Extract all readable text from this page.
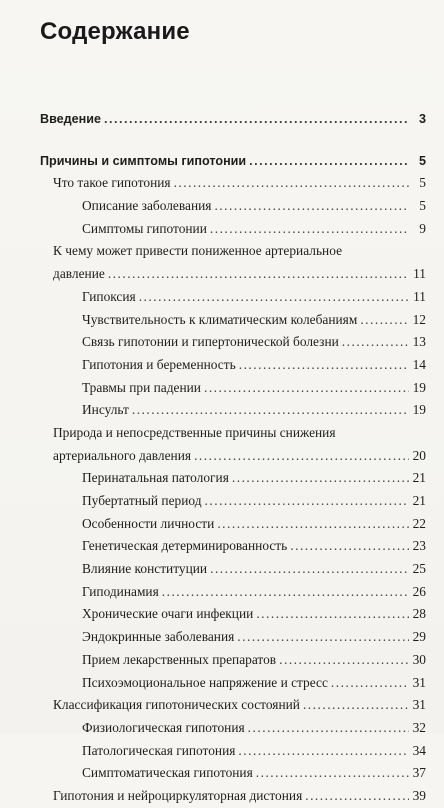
Содержание
Введение .....	3
Причины и симптомы гипотонии .....	5
Что такое гипотония .....	5
Описание заболевания .....	5
Симптомы гипотонии .....	9
К чему может привести пониженное артериальное
давление .....	11
Гипоксия .....	11
Чувствительность к климатическим колебаниям .....	12
Связь гипотонии и гипертонической болезни .....	13
Гипотония и беременность .....	14
Травмы при падении .....	19
Инсульт .....	19
Природа и непосредственные причины снижения
артериального давления .....	20
Перинатальная патология .....	21
Пубертатный период .....	21
Особенности личности .....	22
Генетическая детерминированность .....	23
Влияние конституции .....	25
Гиподинамия .....	26
Хронические очаги инфекции .....	28
Эндокринные заболевания .....	29
Прием лекарственных препаратов .....	30
Психоэмоциональное напряжение и стресс .....	31
Классификация гипотонических состояний .....	31
Физиологическая гипотония .....	32
Патологическая гипотония .....	34
Симптоматическая гипотония .....	37
Гипотония и нейроциркуляторная дистония .....	39
